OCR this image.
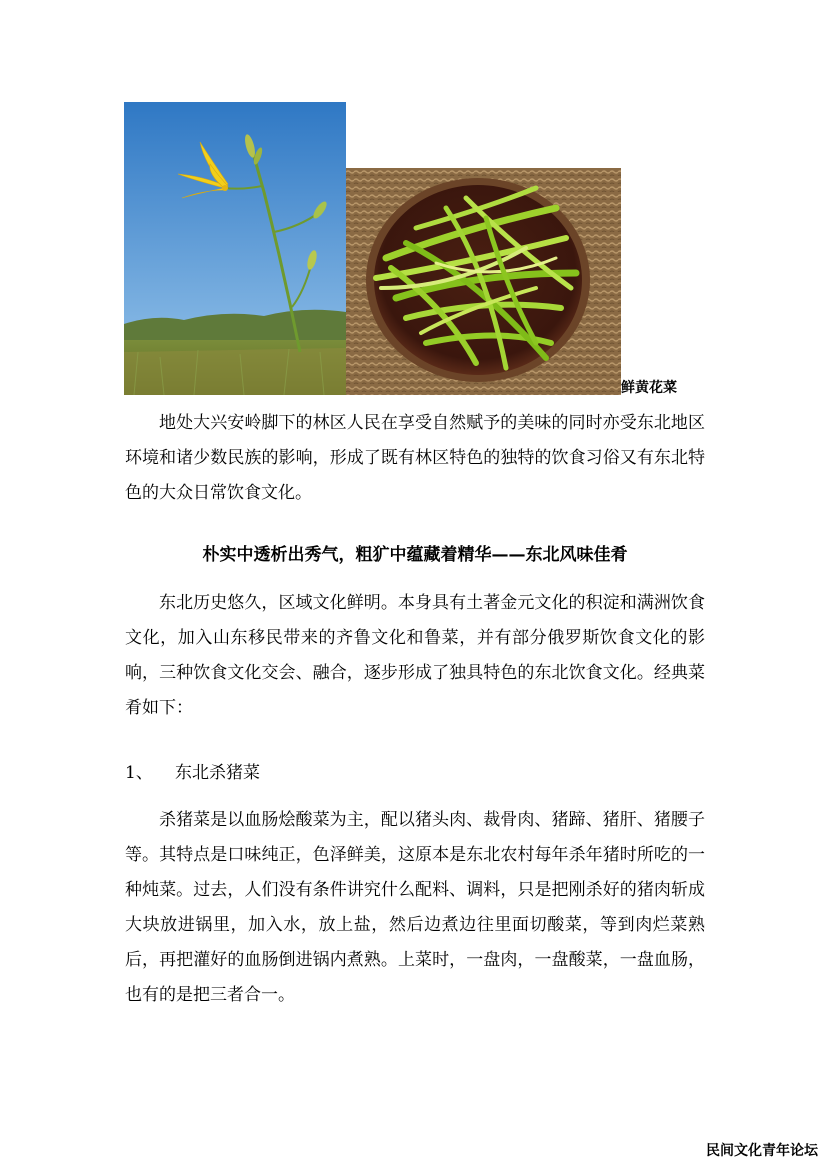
鲜黄花菜

地处大兴安岭脚下的林区人民在享受自然赋予的美味的同时亦受东北地区环境和诸少数民族的影响，形成了既有林区特色的独特的饮食习俗又有东北特色的大众日常饮食文化。

朴实中透析出秀气，粗犷中蕴藏着精华——东北风味佳肴

东北历史悠久，区域文化鲜明。本身具有土著金元文化的积淀和满洲饮食文化，加入山东移民带来的齐鲁文化和鲁菜，并有部分俄罗斯饮食文化的影响，三种饮食文化交会、融合，逐步形成了独具特色的东北饮食文化。经典菜肴如下：

1、 东北杀猪菜

杀猪菜是以血肠烩酸菜为主，配以猪头肉、裁骨肉、猪蹄、猪肝、猪腰子等。其特点是口味纯正，色泽鲜美，这原本是东北农村每年杀年猪时所吃的一种炖菜。过去，人们没有条件讲究什么配料、调料，只是把刚杀好的猪肉斩成大块放进锅里，加入水，放上盐，然后边煮边往里面切酸菜，等到肉烂菜熟后，再把灌好的血肠倒进锅内煮熟。上菜时，一盘肉，一盘酸菜，一盘血肠，也有的是把三者合一。

民间文化青年论坛
